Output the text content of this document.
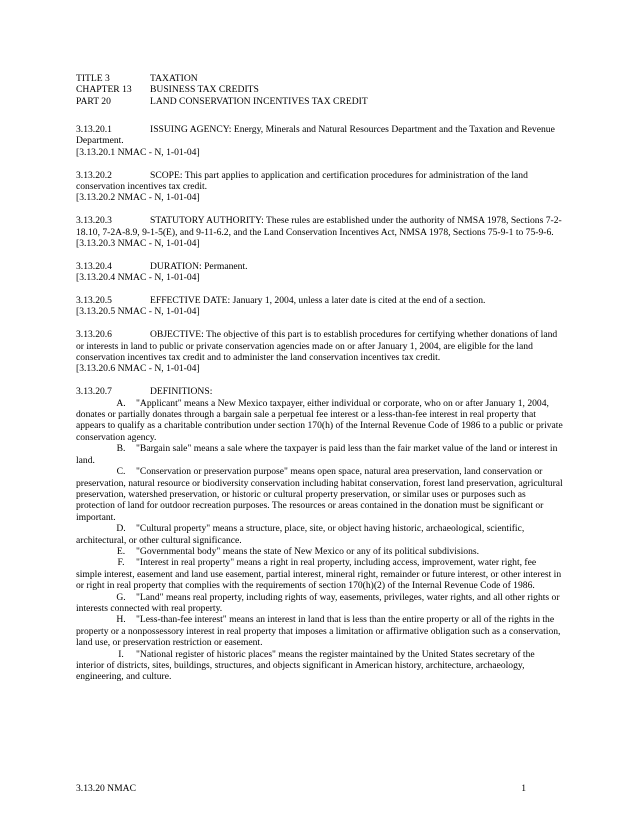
TITLE 3	TAXATION
CHAPTER 13	BUSINESS TAX CREDITS
PART 20	LAND CONSERVATION INCENTIVES TAX CREDIT

3.13.20.1	ISSUING AGENCY: Energy, Minerals and Natural Resources Department and the Taxation and Revenue Department.

[3.13.20.1 NMAC - N, 1-01-04]

3.13.20.2	SCOPE: This part applies to application and certification procedures for administration of the land conservation incentives tax credit.

[3.13.20.2 NMAC - N, 1-01-04]

3.13.20.3	STATUTORY AUTHORITY: These rules are established under the authority of NMSA 1978, Sections 7-2-18.10, 7-2A-8.9, 9-1-5(E), and 9-11-6.2, and the Land Conservation Incentives Act, NMSA 1978, Sections 75-9-1 to 75-9-6.

[3.13.20.3 NMAC - N, 1-01-04]

3.13.20.4	DURATION: Permanent.

[3.13.20.4 NMAC - N, 1-01-04]

3.13.20.5	EFFECTIVE DATE: January 1, 2004, unless a later date is cited at the end of a section.

[3.13.20.5 NMAC - N, 1-01-04]

3.13.20.6	OBJECTIVE: The objective of this part is to establish procedures for certifying whether donations of land or interests in land to public or private conservation agencies made on or after January 1, 2004, are eligible for the land conservation incentives tax credit and to administer the land conservation incentives tax credit.

[3.13.20.6 NMAC - N, 1-01-04]

3.13.20.7	DEFINITIONS:

A. "Applicant" means a New Mexico taxpayer, either individual or corporate, who on or after January 1, 2004, donates or partially donates through a bargain sale a perpetual fee interest or a less-than-fee interest in real property that appears to qualify as a charitable contribution under section 170(h) of the Internal Revenue Code of 1986 to a public or private conservation agency.

B. "Bargain sale" means a sale where the taxpayer is paid less than the fair market value of the land or interest in land.

C. "Conservation or preservation purpose" means open space, natural area preservation, land conservation or preservation, natural resource or biodiversity conservation including habitat conservation, forest land preservation, agricultural preservation, watershed preservation, or historic or cultural property preservation, or similar uses or purposes such as protection of land for outdoor recreation purposes. The resources or areas contained in the donation must be significant or important.

D. "Cultural property" means a structure, place, site, or object having historic, archaeological, scientific, architectural, or other cultural significance.

E. "Governmental body" means the state of New Mexico or any of its political subdivisions.

F. "Interest in real property" means a right in real property, including access, improvement, water right, fee simple interest, easement and land use easement, partial interest, mineral right, remainder or future interest, or other interest in or right in real property that complies with the requirements of section 170(h)(2) of the Internal Revenue Code of 1986.

G. "Land" means real property, including rights of way, easements, privileges, water rights, and all other rights or interests connected with real property.

H. "Less-than-fee interest" means an interest in land that is less than the entire property or all of the rights in the property or a nonpossessory interest in real property that imposes a limitation or affirmative obligation such as a conservation, land use, or preservation restriction or easement.

I. "National register of historic places" means the register maintained by the United States secretary of the interior of districts, sites, buildings, structures, and objects significant in American history, architecture, archaeology, engineering, and culture.

3.13.20 NMAC	1
